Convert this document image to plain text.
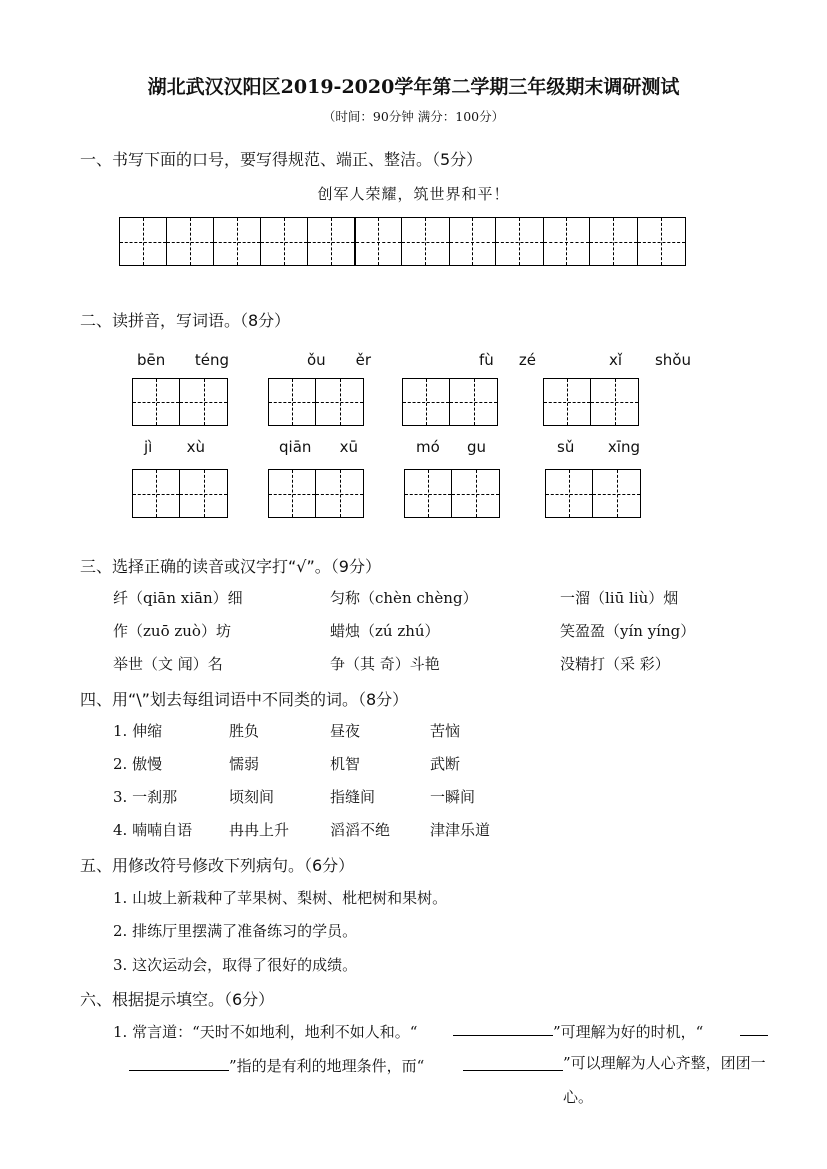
湖北武汉汉阳区2019-2020学年第二学期三年级期末调研测试
（时间：90分钟 满分：100分）
一、书写下面的口号，要写得规范、端正、整洁。（5分）
创军人荣耀，筑世界和平！
二、读拼音，写词语。（8分）
bēn téng	ǒu ěr	fù zé	xǐ shǒu
jì xù	qiān xū	mó gu	sǔ xīng
三、选择正确的读音或汉字打“√”。（9分）
纤（qiān xiān）细	匀称（chèn chèng）	一溜（liū liù）烟
作（zuō zuò）坊	蜡烛（zú zhú）	笑盈盈（yín yíng）
举世（文 闻）名	争（其 奇）斗艳	没精打（采 彩）
四、用“\”划去每组词语中不同类的词。（8分）
1. 伸缩	胜负	昼夜	苦恼
2. 傲慢	懦弱	机智	武断
3. 一刹那	顷刻间	指缝间	一瞬间
4. 喃喃自语 冉冉上升	滔滔不绝	津津乐道
五、用修改符号修改下列病句。（6分）
1. 山坡上新栽种了苹果树、梨树、枇杷树和果树。
2. 排练厅里摆满了准备练习的学员。
3. 这次运动会，取得了很好的成绩。
六、根据提示填空。（6分）
1. 常言道：“天时不如地利，地利不如人和。“	”可理解为好的时机，“
”指的是有利的地理条件，而“	”可以理解为人心齐整，团团一心。
